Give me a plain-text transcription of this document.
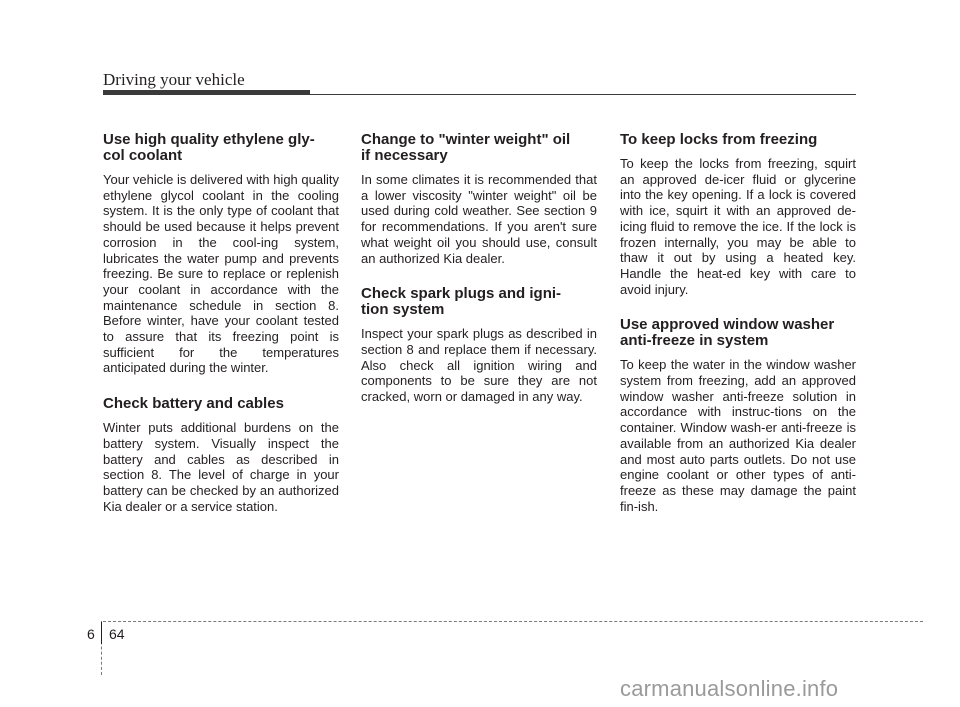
Driving your vehicle
Use high quality ethylene gly-
col coolant

Your vehicle is delivered with high quality ethylene glycol coolant in the cooling system. It is the only type of coolant that should be used because it helps prevent corrosion in the cool-ing system, lubricates the water pump and prevents freezing. Be sure to replace or replenish your coolant in accordance with the maintenance schedule in section 8. Before winter, have your coolant tested to assure that its freezing point is sufficient for the temperatures anticipated during the winter.

Check battery and cables

Winter puts additional burdens on the battery system. Visually inspect the battery and cables as described in section 8. The level of charge in your battery can be checked by an authorized Kia dealer or a service station.

Change to "winter weight" oil
if necessary

In some climates it is recommended that a lower viscosity "winter weight" oil be used during cold weather. See section 9 for recommendations. If you aren't sure what weight oil you should use, consult an authorized Kia dealer.

Check spark plugs and igni-
tion system

Inspect your spark plugs as described in section 8 and replace them if necessary. Also check all ignition wiring and components to be sure they are not cracked, worn or damaged in any way.

To keep locks from freezing

To keep the locks from freezing, squirt an approved de-icer fluid or glycerine into the key opening. If a lock is covered with ice, squirt it with an approved de-icing fluid to remove the ice. If the lock is frozen internally, you may be able to thaw it out by using a heated key. Handle the heat-ed key with care to avoid injury.

Use approved window washer
anti-freeze in system

To keep the water in the window washer system from freezing, add an approved window washer anti-freeze solution in accordance with instruc-tions on the container. Window wash-er anti-freeze is available from an authorized Kia dealer and most auto parts outlets. Do not use engine coolant or other types of anti-freeze as these may damage the paint fin-ish.

6 64
carmanualsonline.info
